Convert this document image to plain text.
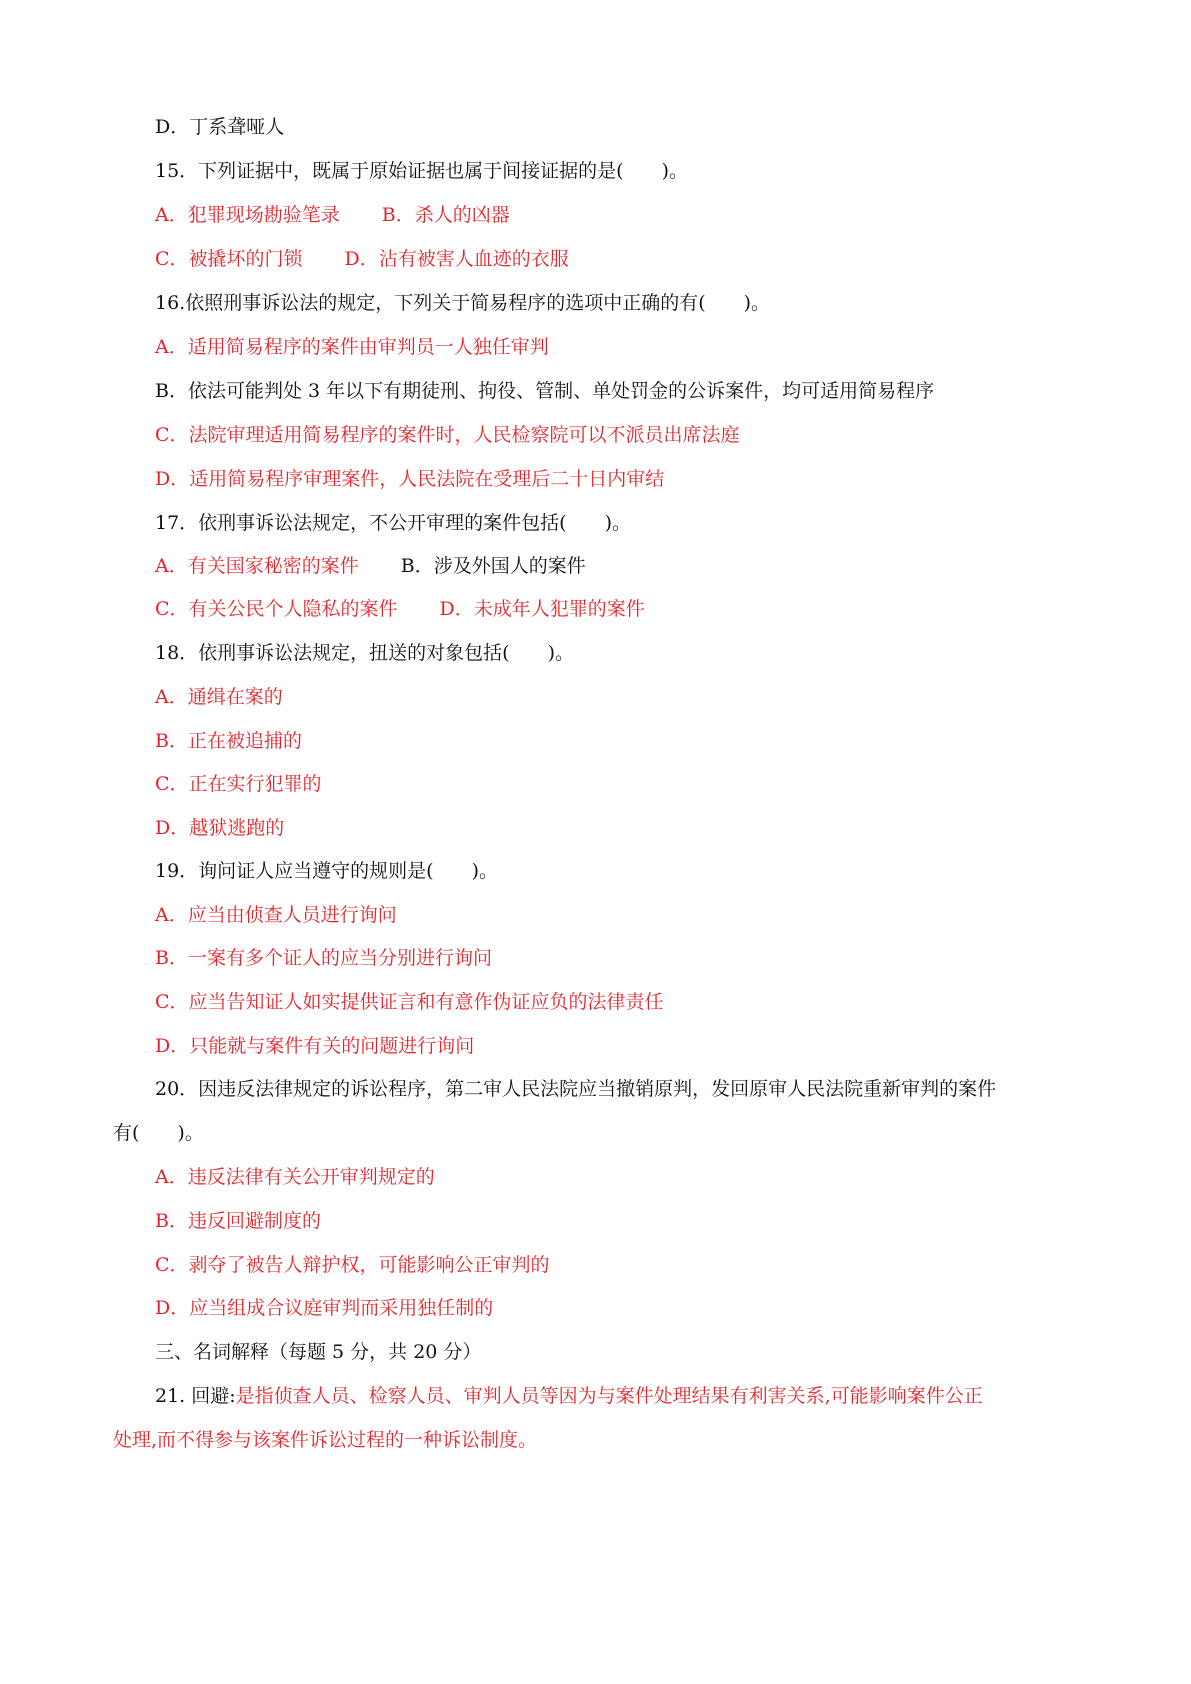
D．丁系聋哑人
15．下列证据中，既属于原始证据也属于间接证据的是(　　)。
A．犯罪现场勘验笔录 B．杀人的凶器
C．被撬坏的门锁 D．沾有被害人血迹的衣服
16.依照刑事诉讼法的规定，下列关于简易程序的选项中正确的有(　　)。
A．适用简易程序的案件由审判员一人独任审判
B．依法可能判处 3 年以下有期徒刑、拘役、管制、单处罚金的公诉案件，均可适用简易程序
C．法院审理适用简易程序的案件时，人民检察院可以不派员出席法庭
D．适用简易程序审理案件，人民法院在受理后二十日内审结
17．依刑事诉讼法规定，不公开审理的案件包括(　　)。
A．有关国家秘密的案件 B．涉及外国人的案件
C．有关公民个人隐私的案件 D．未成年人犯罪的案件
18．依刑事诉讼法规定，扭送的对象包括(　　)。
A．通缉在案的
B．正在被追捕的
C．正在实行犯罪的
D．越狱逃跑的
19．询问证人应当遵守的规则是(　　)。
A．应当由侦查人员进行询问
B．一案有多个证人的应当分别进行询问
C．应当告知证人如实提供证言和有意作伪证应负的法律责任
D．只能就与案件有关的问题进行询问
20．因违反法律规定的诉讼程序，第二审人民法院应当撤销原判，发回原审人民法院重新审判的案件
有(　　)。
A．违反法律有关公开审判规定的
B．违反回避制度的
C．剥夺了被告人辩护权，可能影响公正审判的
D．应当组成合议庭审判而采用独任制的
三、名词解释（每题 5 分，共 20 分）
21. 回避:是指侦查人员、检察人员、审判人员等因为与案件处理结果有利害关系,可能影响案件公正
处理,而不得参与该案件诉讼过程的一种诉讼制度。
